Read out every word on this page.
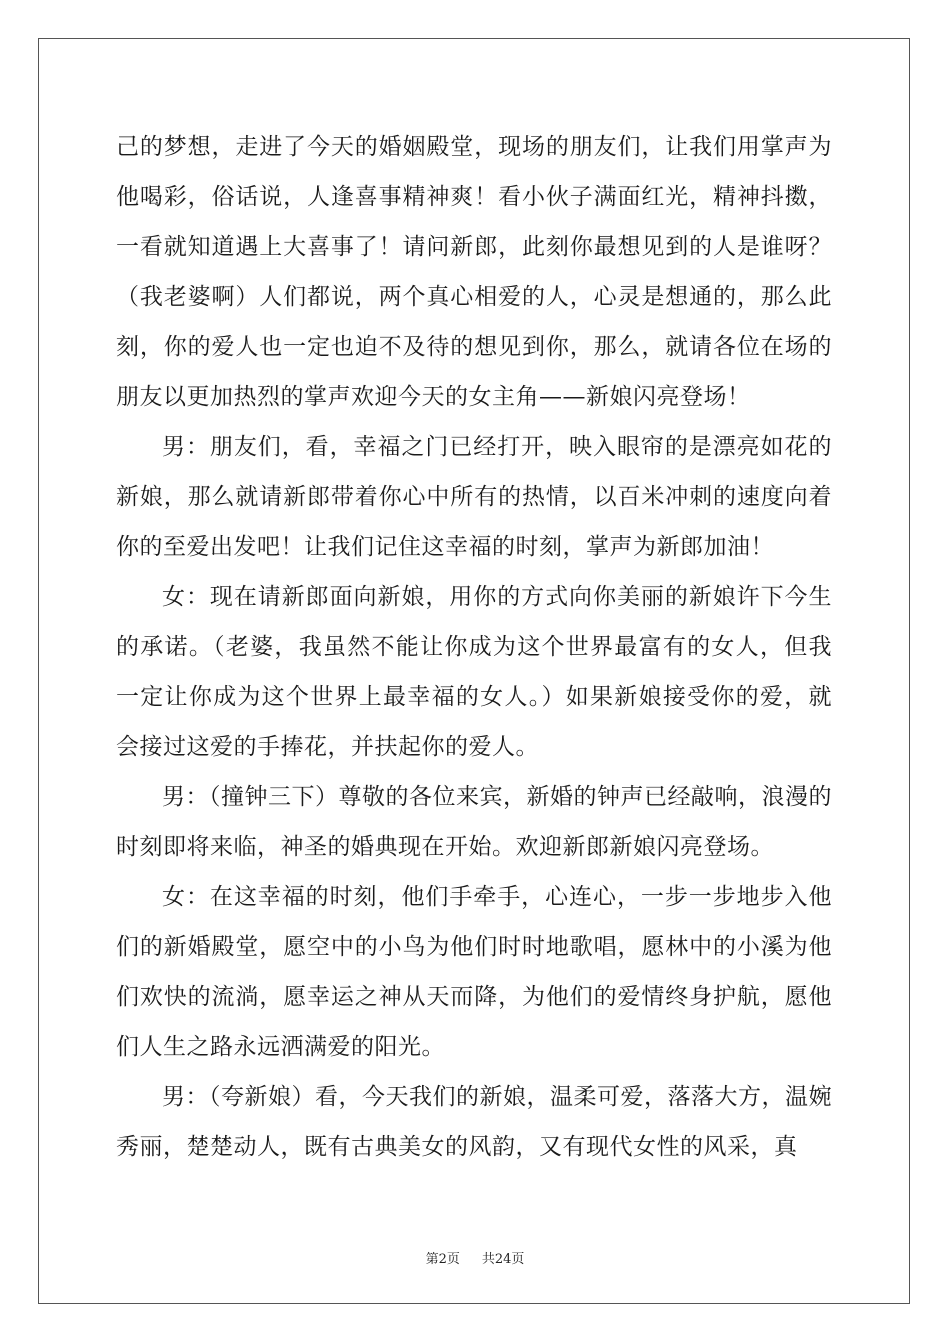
己的梦想，走进了今天的婚姻殿堂，现场的朋友们，让我们用掌声为他喝彩，俗话说，人逢喜事精神爽！看小伙子满面红光，精神抖擞，一看就知道遇上大喜事了！请问新郎，此刻你最想见到的人是谁呀？（我老婆啊）人们都说，两个真心相爱的人，心灵是想通的，那么此刻，你的爱人也一定也迫不及待的想见到你，那么，就请各位在场的朋友以更加热烈的掌声欢迎今天的女主角——新娘闪亮登场！

男：朋友们，看，幸福之门已经打开，映入眼帘的是漂亮如花的新娘，那么就请新郎带着你心中所有的热情，以百米冲刺的速度向着你的至爱出发吧！让我们记住这幸福的时刻，掌声为新郎加油！

女：现在请新郎面向新娘，用你的方式向你美丽的新娘许下今生的承诺。（老婆，我虽然不能让你成为这个世界最富有的女人，但我一定让你成为这个世界上最幸福的女人。）如果新娘接受你的爱，就会接过这爱的手捧花，并扶起你的爱人。

男：（撞钟三下）尊敬的各位来宾，新婚的钟声已经敲响，浪漫的时刻即将来临，神圣的婚典现在开始。欢迎新郎新娘闪亮登场。

女：在这幸福的时刻，他们手牵手，心连心，一步一步地步入他们的新婚殿堂，愿空中的小鸟为他们时时地歌唱，愿林中的小溪为他们欢快的流淌，愿幸运之神从天而降，为他们的爱情终身护航，愿他们人生之路永远洒满爱的阳光。

男：（夸新娘）看，今天我们的新娘，温柔可爱，落落大方，温婉秀丽，楚楚动人，既有古典美女的风韵，又有现代女性的风采，真

第2页 共24页
